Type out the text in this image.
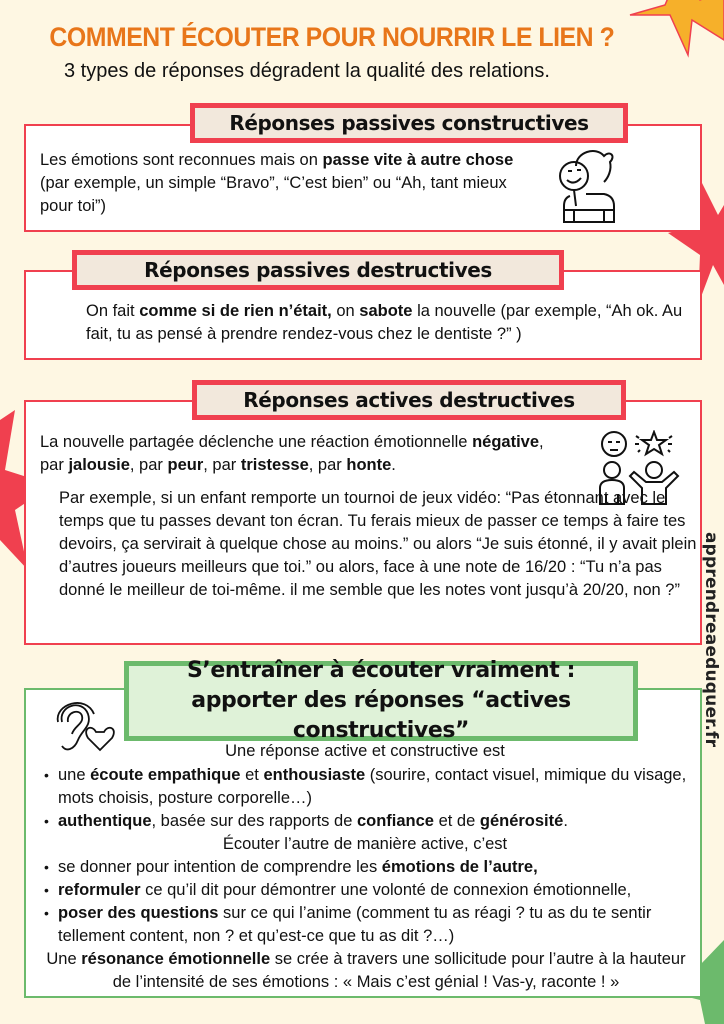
COMMENT ÉCOUTER POUR NOURRIR LE LIEN ?
3 types de réponses dégradent la qualité des relations.
Les émotions sont reconnues mais on passe vite à autre chose (par exemple, un simple “Bravo”, “C’est bien” ou “Ah, tant mieux pour toi”)
Réponses passives constructives
On fait comme si de rien n’était, on sabote la nouvelle (par exemple, “Ah ok. Au fait, tu as pensé à prendre rendez-vous chez le dentiste ?” )
Réponses passives destructives
La nouvelle partagée déclenche une réaction émotionnelle négative, par jalousie, par peur, par tristesse, par honte.
Par exemple, si un enfant remporte un tournoi de jeux vidéo: “Pas étonnant avec le temps que tu passes devant ton écran. Tu ferais mieux de passer ce temps à faire tes devoirs, ça servirait à quelque chose au moins.” ou alors “Je suis étonné, il y avait plein d’autres joueurs meilleurs que toi.” ou alors, face à une note de 16/20 : “Tu n’a pas donné le meilleur de toi-même. il me semble que les notes vont jusqu’à 20/20, non ?”
Réponses actives destructives
Une réponse active et constructive est
• une écoute empathique et enthousiaste (sourire, contact visuel, mimique du visage, mots choisis, posture corporelle…)
• authentique, basée sur des rapports de confiance et de générosité.
Écouter l’autre de manière active, c’est
• se donner pour intention de comprendre les émotions de l’autre,
• reformuler ce qu’il dit pour démontrer une volonté de connexion émotionnelle,
• poser des questions sur ce qui l’anime (comment tu as réagi ? tu as du te sentir tellement content, non ? et qu’est-ce que tu as dit ?…)
Une résonance émotionnelle se crée à travers une sollicitude pour l’autre à la hauteur de l’intensité de ses émotions : « Mais c’est génial ! Vas-y, raconte ! »
S’entraîner à écouter vraiment : apporter des réponses “actives constructives”	apprendreaeduquer.fr
